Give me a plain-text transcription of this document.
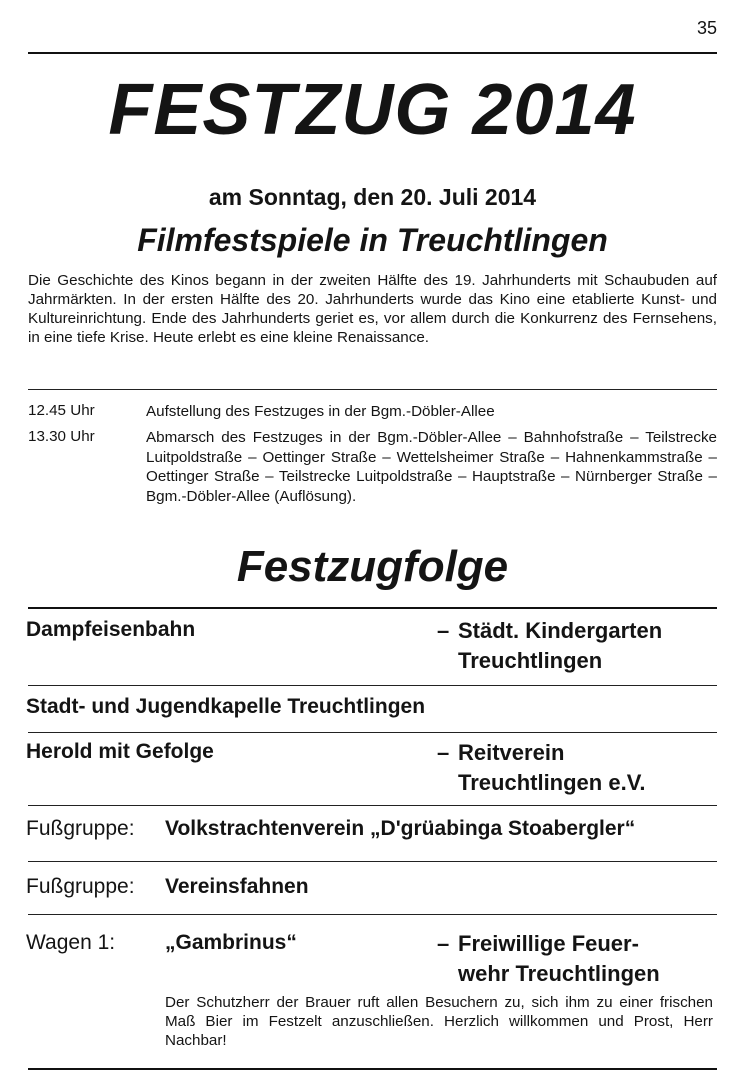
35
FESTZUG 2014
am Sonntag, den 20. Juli 2014
Filmfestspiele in Treuchtlingen
Die Geschichte des Kinos begann in der zweiten Hälfte des 19. Jahrhunderts mit Schaubuden auf Jahrmärkten. In der ersten Hälfte des 20. Jahrhunderts wurde das Kino eine etablierte Kunst- und Kultureinrichtung. Ende des Jahrhunderts geriet es, vor allem durch die Konkurrenz des Fernsehens, in eine tiefe Krise. Heute erlebt es eine kleine Renaissance.
12.45 Uhr	Aufstellung des Festzuges in der Bgm.-Döbler-Allee
13.30 Uhr	Abmarsch des Festzuges in der Bgm.-Döbler-Allee – Bahnhofstraße – Teilstrecke Luitpoldstraße – Oettinger Straße – Wettelsheimer Straße – Hahnenkammstraße – Oettinger Straße – Teilstrecke Luitpoldstraße – Hauptstraße – Nürnberger Straße – Bgm.-Döbler-Allee (Auflösung).
Festzugfolge
Dampfeisenbahn	– Städt. Kindergarten
Treuchtlingen
Stadt- und Jugendkapelle Treuchtlingen
Herold mit Gefolge	– Reitverein
Treuchtlingen e.V.
Fußgruppe: Volkstrachtenverein „D'grüabinga Stoabergler“
Fußgruppe: Vereinsfahnen
Wagen 1: „Gambrinus“	– Freiwillige Feuer-
wehr Treuchtlingen
Der Schutzherr der Brauer ruft allen Besuchern zu, sich ihm zu einer frischen Maß Bier im Festzelt anzuschließen. Herzlich willkommen und Prost, Herr Nachbar!
